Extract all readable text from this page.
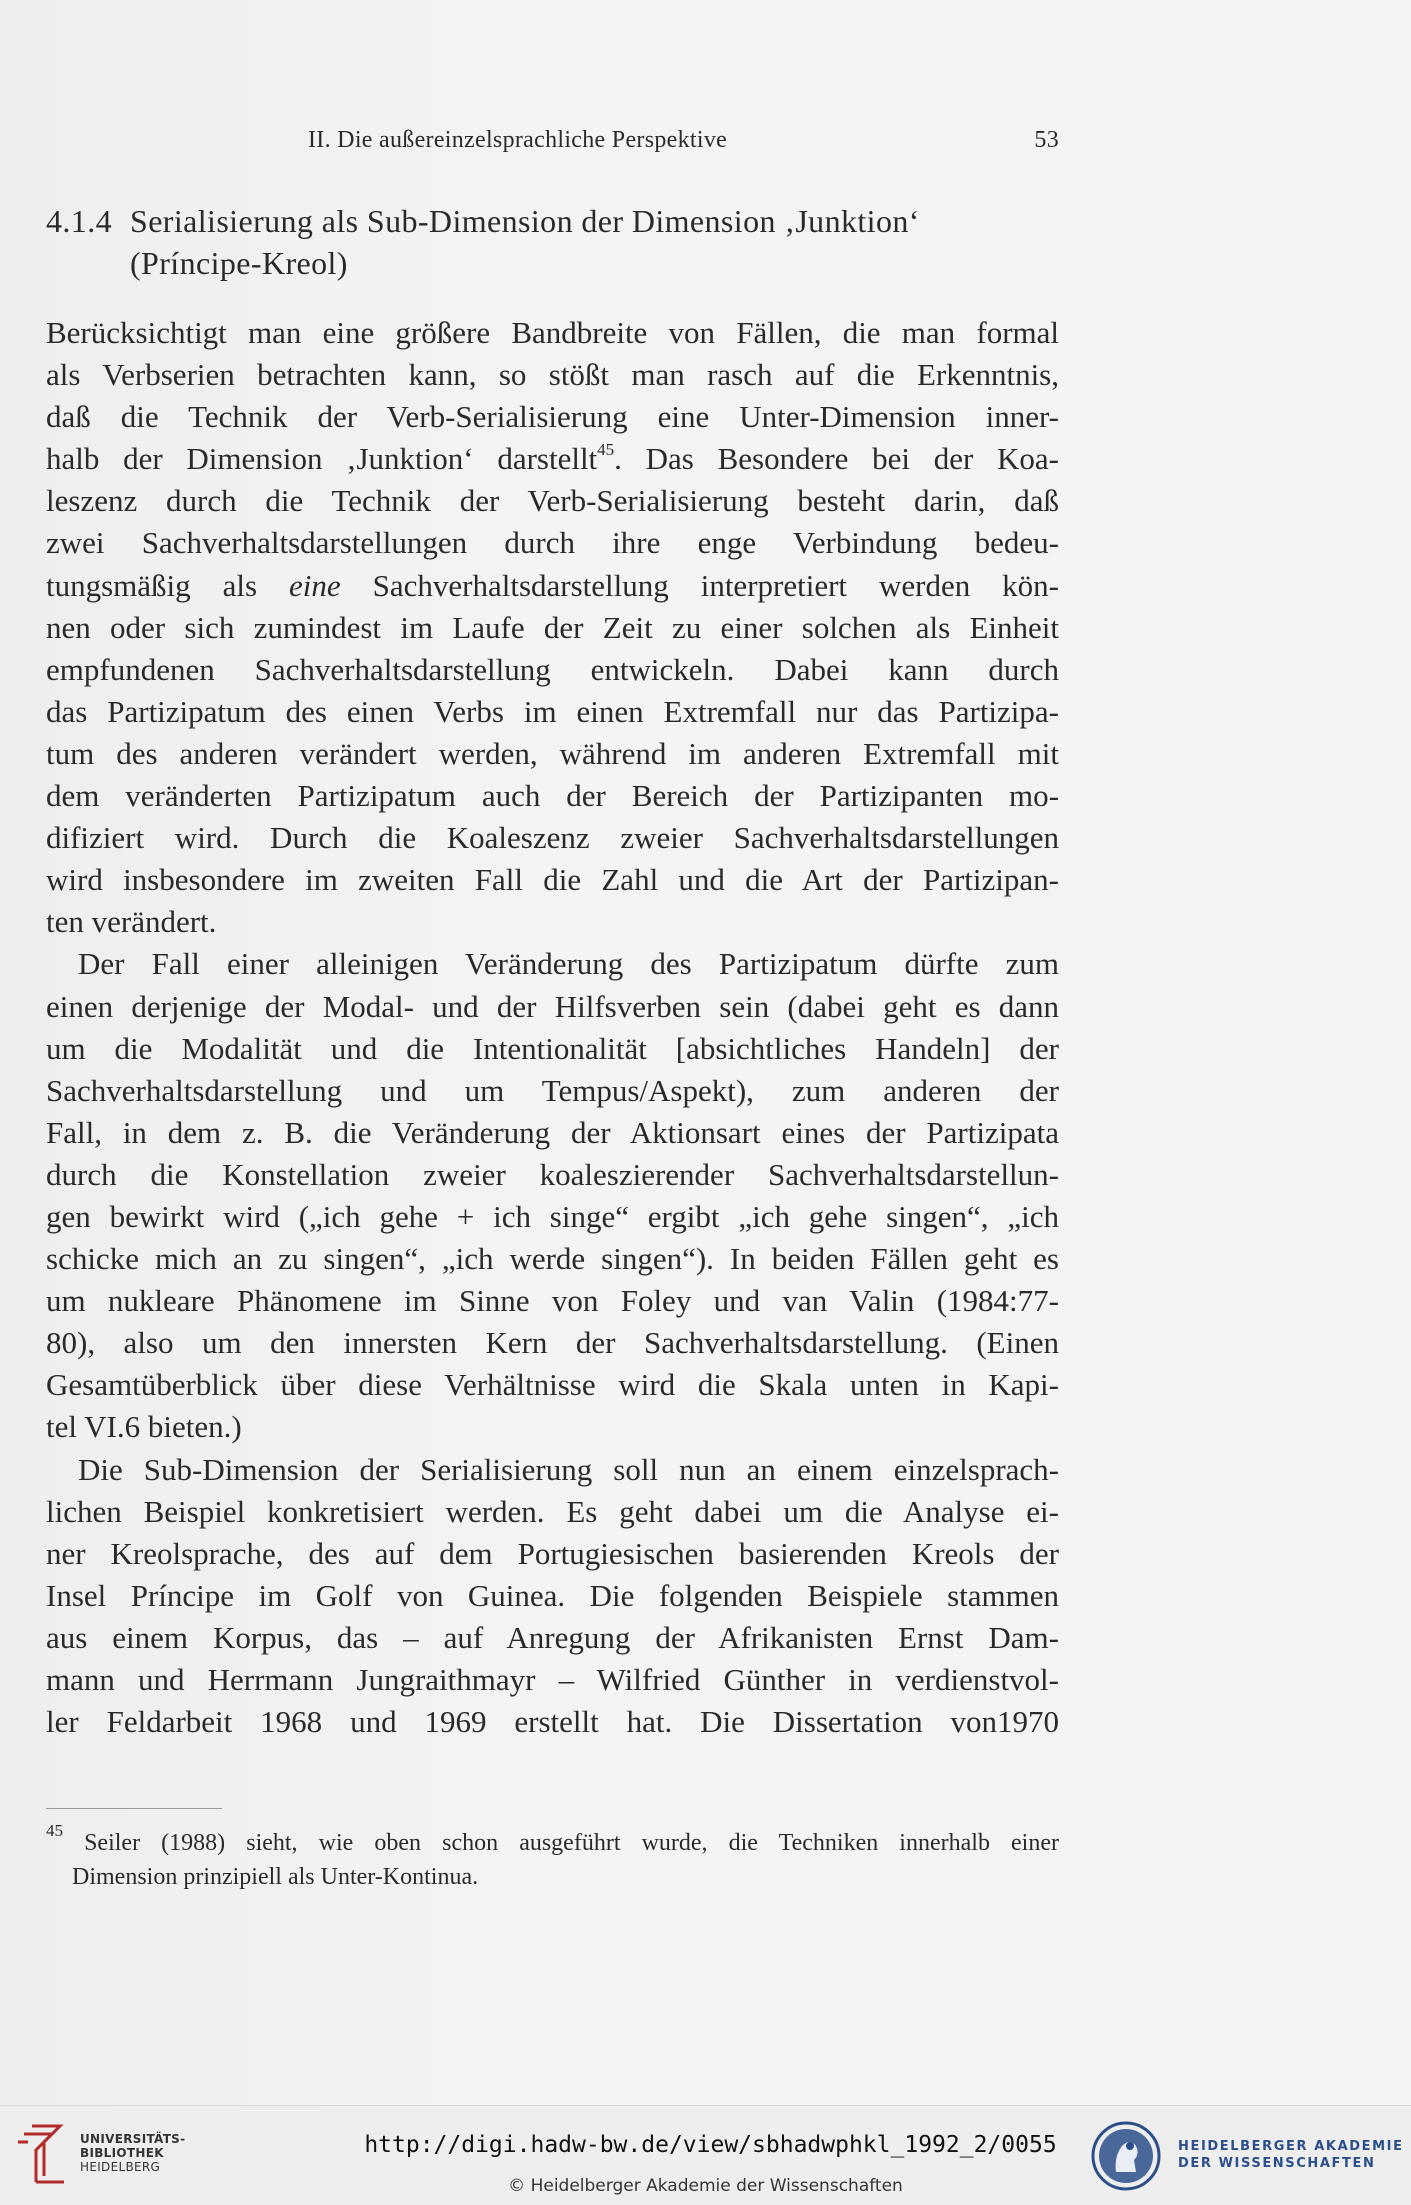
II. Die außereinzelsprachliche Perspektive	53
4.1.4 Serialisierung als Sub-Dimension der Dimension ‚Junktion‘
(Príncipe-Kreol)
Berücksichtigt man eine größere Bandbreite von Fällen, die man formal
als Verbserien betrachten kann, so stößt man rasch auf die Erkenntnis,
daß die Technik der Verb-Serialisierung eine Unter-Dimension inner-
halb der Dimension ‚Junktion‘ darstellt$^{45}$. Das Besondere bei der Koa-
leszenz durch die Technik der Verb-Serialisierung besteht darin, daß
zwei Sachverhaltsdarstellungen durch ihre enge Verbindung bedeu-
tungsmäßig als eine Sachverhaltsdarstellung interpretiert werden kön-
nen oder sich zumindest im Laufe der Zeit zu einer solchen als Einheit
empfundenen Sachverhaltsdarstellung entwickeln. Dabei kann durch
das Partizipatum des einen Verbs im einen Extremfall nur das Partizipa-
tum des anderen verändert werden, während im anderen Extremfall mit
dem veränderten Partizipatum auch der Bereich der Partizipanten mo-
difiziert wird. Durch die Koaleszenz zweier Sachverhaltsdarstellungen
wird insbesondere im zweiten Fall die Zahl und die Art der Partizipan-
ten verändert.
Der Fall einer alleinigen Veränderung des Partizipatum dürfte zum
einen derjenige der Modal- und der Hilfsverben sein (dabei geht es dann
um die Modalität und die Intentionalität [absichtliches Handeln] der
Sachverhaltsdarstellung und um Tempus/Aspekt), zum anderen der
Fall, in dem z. B. die Veränderung der Aktionsart eines der Partizipata
durch die Konstellation zweier koaleszierender Sachverhaltsdarstellun-
gen bewirkt wird („ich gehe + ich singe“ ergibt „ich gehe singen“, „ich
schicke mich an zu singen“, „ich werde singen“). In beiden Fällen geht es
um nukleare Phänomene im Sinne von Foley und van Valin (1984:77-
80), also um den innersten Kern der Sachverhaltsdarstellung. (Einen
Gesamtüberblick über diese Verhältnisse wird die Skala unten in Kapi-
tel VI.6 bieten.)
Die Sub-Dimension der Serialisierung soll nun an einem einzelsprach-
lichen Beispiel konkretisiert werden. Es geht dabei um die Analyse ei-
ner Kreolsprache, des auf dem Portugiesischen basierenden Kreols der
Insel Príncipe im Golf von Guinea. Die folgenden Beispiele stammen
aus einem Korpus, das – auf Anregung der Afrikanisten Ernst Dam-
mann und Herrmann Jungraithmayr – Wilfried Günther in verdienstvol-
ler Feldarbeit 1968 und 1969 erstellt hat. Die Dissertation von1970
$^{45}$ Seiler (1988) sieht, wie oben schon ausgeführt wurde, die Techniken innerhalb einer
Dimension prinzipiell als Unter-Kontinua.
UNIVERSITÄTS-
BIBLIOTHEK
HEIDELBERG
http://digi.hadw-bw.de/view/sbhadwphkl_1992_2/0055
© Heidelberger Akademie der Wissenschaften
HEIDELBERGER AKADEMIE
DER WISSENSCHAFTEN
